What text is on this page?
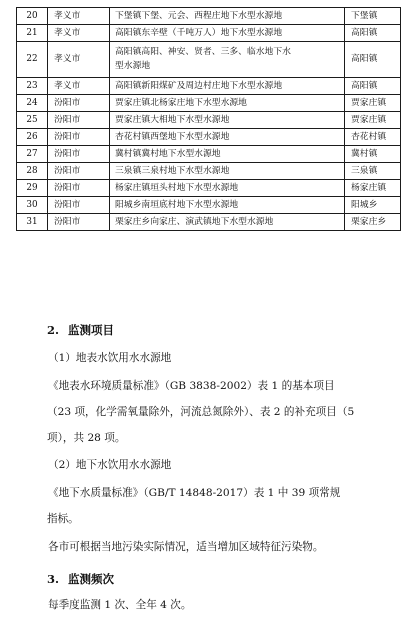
20	孝义市	下堡镇下堡、元会、西程庄地下水型水源地	下堡镇
21	孝义市	高阳镇东辛壁（千吨万人）地下水型水源地	高阳镇
22	孝义市	高阳镇高阳、神安、贤者、三多、临水地下水
型水源地	高阳镇
23	孝义市	高阳镇新阳煤矿及周边村庄地下水型水源地	高阳镇
24	汾阳市	贾家庄镇北杨家庄地下水型水源地	贾家庄镇
25	汾阳市	贾家庄镇大相地下水型水源地	贾家庄镇
26	汾阳市	杏花村镇西堡地下水型水源地	杏花村镇
27	汾阳市	冀村镇冀村地下水型水源地	冀村镇
28	汾阳市	三泉镇三泉村地下水型水源地	三泉镇
29	汾阳市	杨家庄镇垣头村地下水型水源地	杨家庄镇
30	汾阳市	阳城乡南垣底村地下水型水源地	阳城乡
31	汾阳市	栗家庄乡向家庄、演武镇地下水型水源地	栗家庄乡
2. 监测项目

（1）地表水饮用水水源地

《地表水环境质量标准》（GB 3838-2002）表 1 的基本项目

（23 项，化学需氧量除外，河流总氮除外）、表 2 的补充项目（5

项），共 28 项。

（2）地下水饮用水水源地

《地下水质量标准》（GB/T 14848-2017）表 1 中 39 项常规

指标。

各市可根据当地污染实际情况，适当增加区域特征污染物。

3. 监测频次

每季度监测 1 次、全年 4 次。
